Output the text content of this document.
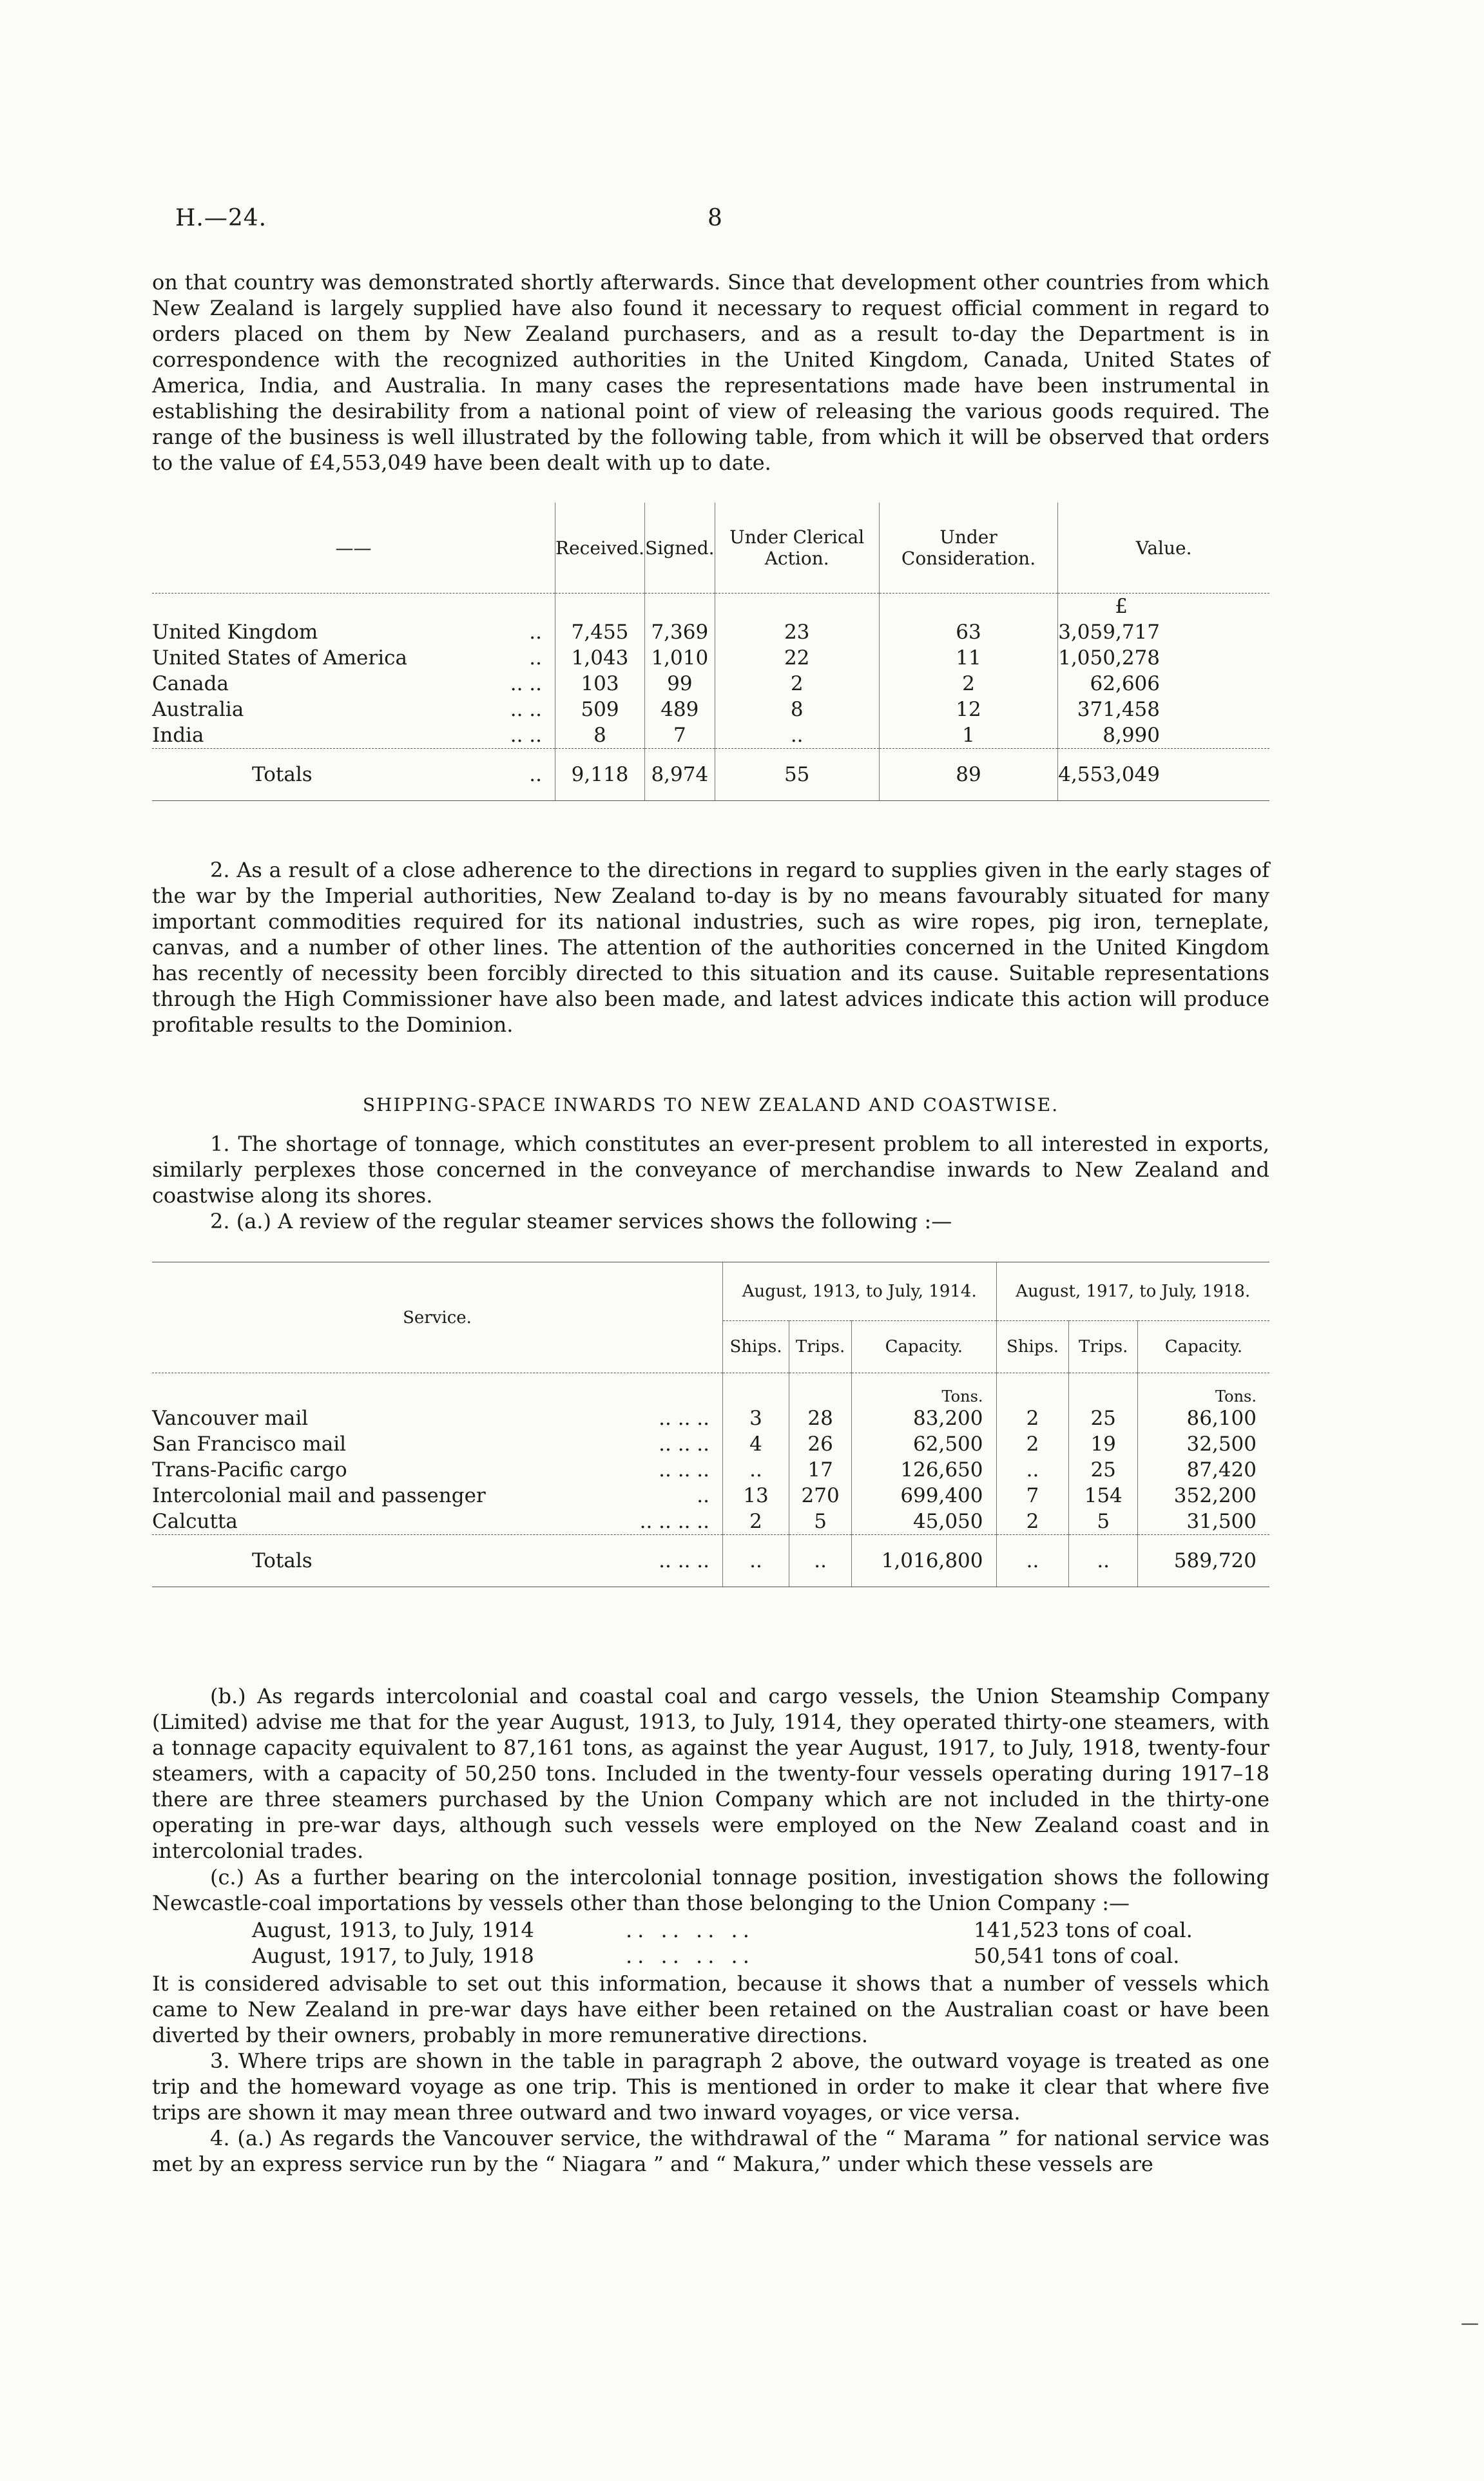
H.—24.	8
on that country was demonstrated shortly afterwards. Since that development other countries from which New Zealand is largely supplied have also found it necessary to request official comment in regard to orders placed on them by New Zealand purchasers, and as a result to-day the Department is in correspondence with the recognized authorities in the United Kingdom, Canada, United States of America, India, and Australia. In many cases the representations made have been instrumental in establishing the desirability from a national point of view of releasing the various goods required. The range of the business is well illustrated by the following table, from which it will be observed that orders to the value of £4,553,049 have been dealt with up to date.
——	Received.	Signed.	Under Clerical Action.	Under Consideration.	Value.
					£
United Kingdom ..	7,455	7,369	23	63	3,059,717
United States of America ..	1,043	1,010	22	11	1,050,278
Canada .. ..	103	99	2	2	62,606
Australia .. ..	509	489	8	12	371,458
India .. ..	8	7	..	1	8,990
Totals ..	9,118	8,974	55	89	4,553,049
2. As a result of a close adherence to the directions in regard to supplies given in the early stages of the war by the Imperial authorities, New Zealand to-day is by no means favourably situated for many important commodities required for its national industries, such as wire ropes, pig iron, terneplate, canvas, and a number of other lines. The attention of the authorities concerned in the United Kingdom has recently of necessity been forcibly directed to this situation and its cause. Suitable representations through the High Commissioner have also been made, and latest advices indicate this action will produce profitable results to the Dominion.
SHIPPING-SPACE INWARDS TO NEW ZEALAND AND COASTWISE.
1. The shortage of tonnage, which constitutes an ever-present problem to all interested in exports, similarly perplexes those concerned in the conveyance of merchandise inwards to New Zealand and coastwise along its shores.
2. (a.) A review of the regular steamer services shows the following :—
Service.	August, 1913, to July, 1914.			August, 1917, to July, 1918.		
	Ships.	Trips.	Capacity.	Ships.	Trips.	Capacity.
			Tons.			Tons.
Vancouver mail .. .. ..	3	28	83,200	2	25	86,100
San Francisco mail .. .. ..	4	26	62,500	2	19	32,500
Trans-Pacific cargo .. .. ..	..	17	126,650	..	25	87,420
Intercolonial mail and passenger ..	13	270	699,400	7	154	352,200
Calcutta .. .. .. ..	2	5	45,050	2	5	31,500
Totals .. .. ..	..	..	1,016,800	..	..	589,720
(b.) As regards intercolonial and coastal coal and cargo vessels, the Union Steamship Company (Limited) advise me that for the year August, 1913, to July, 1914, they operated thirty-one steamers, with a tonnage capacity equivalent to 87,161 tons, as against the year August, 1917, to July, 1918, twenty-four steamers, with a capacity of 50,250 tons. Included in the twenty-four vessels operating during 1917–18 there are three steamers purchased by the Union Company which are not included in the thirty-one operating in pre-war days, although such vessels were employed on the New Zealand coast and in intercolonial trades.
(c.) As a further bearing on the intercolonial tonnage position, investigation shows the following Newcastle-coal importations by vessels other than those belonging to the Union Company :—
August, 1913, to July, 1914	.. .. .. ..	141,523 tons of coal.
August, 1917, to July, 1918	.. .. .. ..	50,541 tons of coal.
It is considered advisable to set out this information, because it shows that a number of vessels which came to New Zealand in pre-war days have either been retained on the Australian coast or have been diverted by their owners, probably in more remunerative directions.
3. Where trips are shown in the table in paragraph 2 above, the outward voyage is treated as one trip and the homeward voyage as one trip. This is mentioned in order to make it clear that where five trips are shown it may mean three outward and two inward voyages, or vice versa.
4. (a.) As regards the Vancouver service, the withdrawal of the “ Marama ” for national service was met by an express service run by the “ Niagara ” and “ Makura,” under which these vessels are
—
